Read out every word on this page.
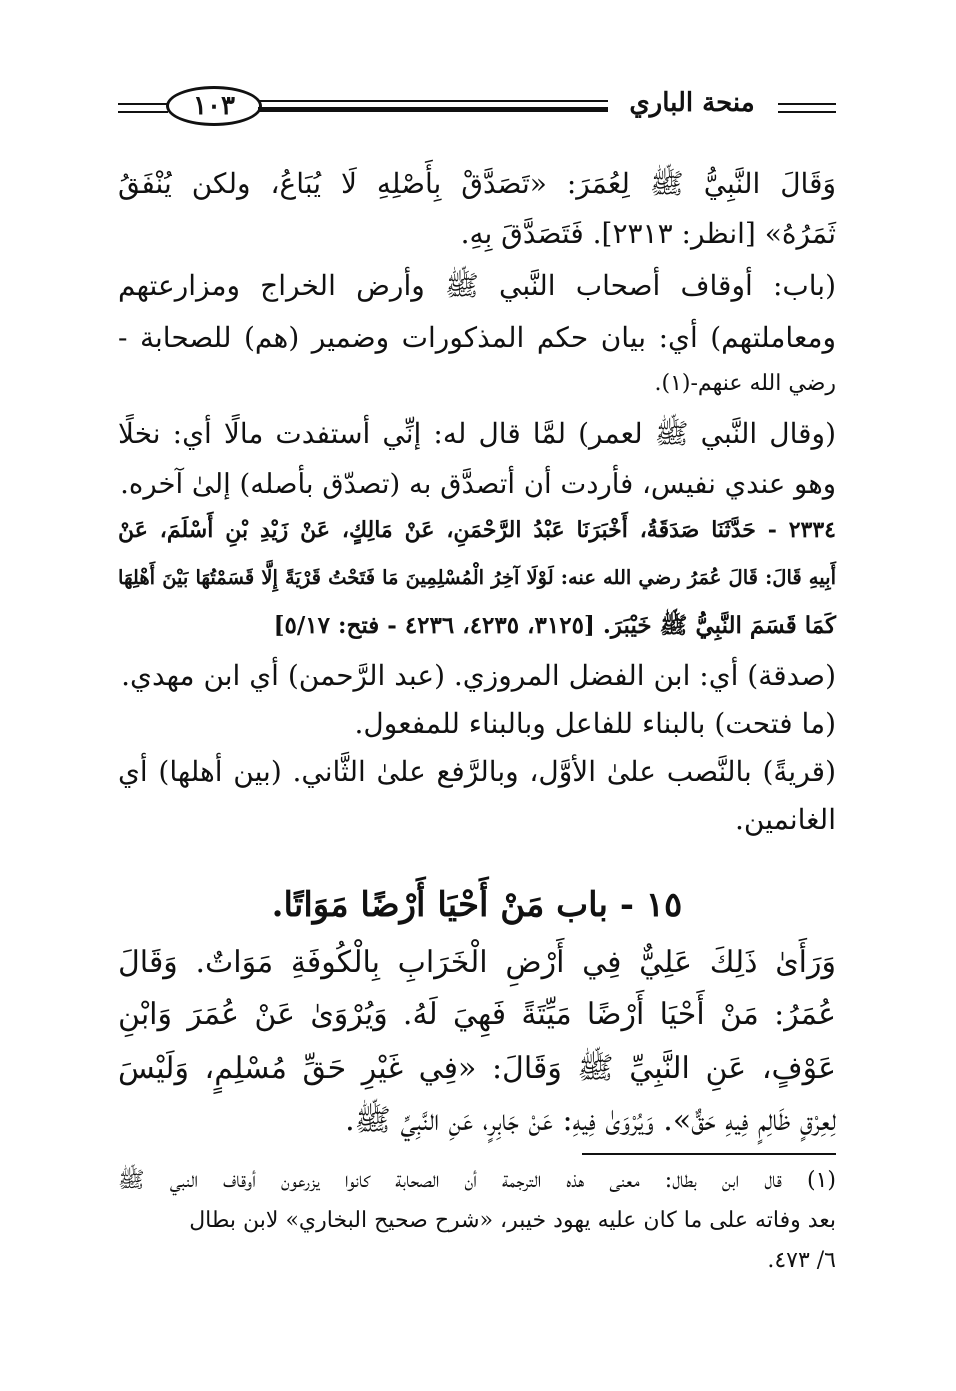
١٠٣	منحة الباري
وَقَالَ النَّبِيُّ ﷺ لِعُمَرَ: «تَصَدَّقْ بِأَصْلِهِ لَا يُبَاعُ، ولكن يُنْفَقُ
ثَمَرُهُ» [انظر: ٢٣١٣]. فَتَصَدَّقَ بِهِ.
(باب: أوقاف أصحاب النَّبي ﷺ وأرض الخراج ومزارعتهم
ومعاملتهم) أي: بيان حكم المذكورات وضمير (هم) للصحابة -
رضي الله عنهم-(١).
(وقال النَّبي ﷺ لعمر) لمَّا قال له: إنِّي أستفدت مالًا أي: نخلًا
وهو عندي نفيس، فأردت أن أتصدَّق به (تصدّق بأصله) إلىٰ آخره.
٢٣٣٤ - حَدَّثَنَا صَدَقَةُ، أَخْبَرَنَا عَبْدُ الرَّحْمَنِ، عَنْ مَالِكٍ، عَنْ زَيْدِ بْنِ أَسْلَمَ، عَنْ
أَبِيهِ قَالَ: قَالَ عُمَرُ رضي الله عنه: لَوْلَا آخِرُ الْمُسْلِمِينَ مَا فَتَحْتُ قَرْيَةً إِلَّا قَسَمْتُهَا بَيْنَ أَهْلِهَا
كَمَا قَسَمَ النَّبِيُّ ﷺ خَيْبَرَ. [٣١٢٥، ٤٢٣٥، ٤٢٣٦ - فتح: ٥/١٧]
(صدقة) أي: ابن الفضل المروزي. (عبد الرَّحمن) أي ابن مهدي.
(ما فتحت) بالبناء للفاعل وبالبناء للمفعول.
(قريةً) بالنَّصب علىٰ الأوَّل، وبالرَّفع علىٰ الثَّاني. (بين أهلها) أي
الغانمين.
١٥ - باب مَنْ أَحْيَا أَرْضًا مَوَاتًا.
وَرَأَىٰ ذَلِكَ عَلِيٌّ فِي أَرْضِ الْخَرَابِ بِالْكُوفَةِ مَوَاتٌ. وَقَالَ
عُمَرُ: مَنْ أَحْيَا أَرْضًا مَيِّتَةً فَهِيَ لَهُ. وَيُرْوَىٰ عَنْ عُمَرَ وَابْنِ
عَوْفٍ، عَنِ النَّبِيِّ ﷺ وَقَالَ: «فِي غَيْرِ حَقِّ مُسْلِمٍ، وَلَيْسَ
لِعِرْقٍ ظَالِمٍ فِيهِ حَقٌّ». وَيُرْوَىٰ فِيهِ: عَنْ جَابِرٍ، عَنِ النَّبِيِّ ﷺ.
(١) قال ابن بطال: معنى هذه الترجمة أن الصحابة كانوا يزرعون أوقاف النبي ﷺ
بعد وفاته على ما كان عليه يهود خيبر، «شرح صحيح البخاري» لابن بطال
٦/ ٤٧٣.
